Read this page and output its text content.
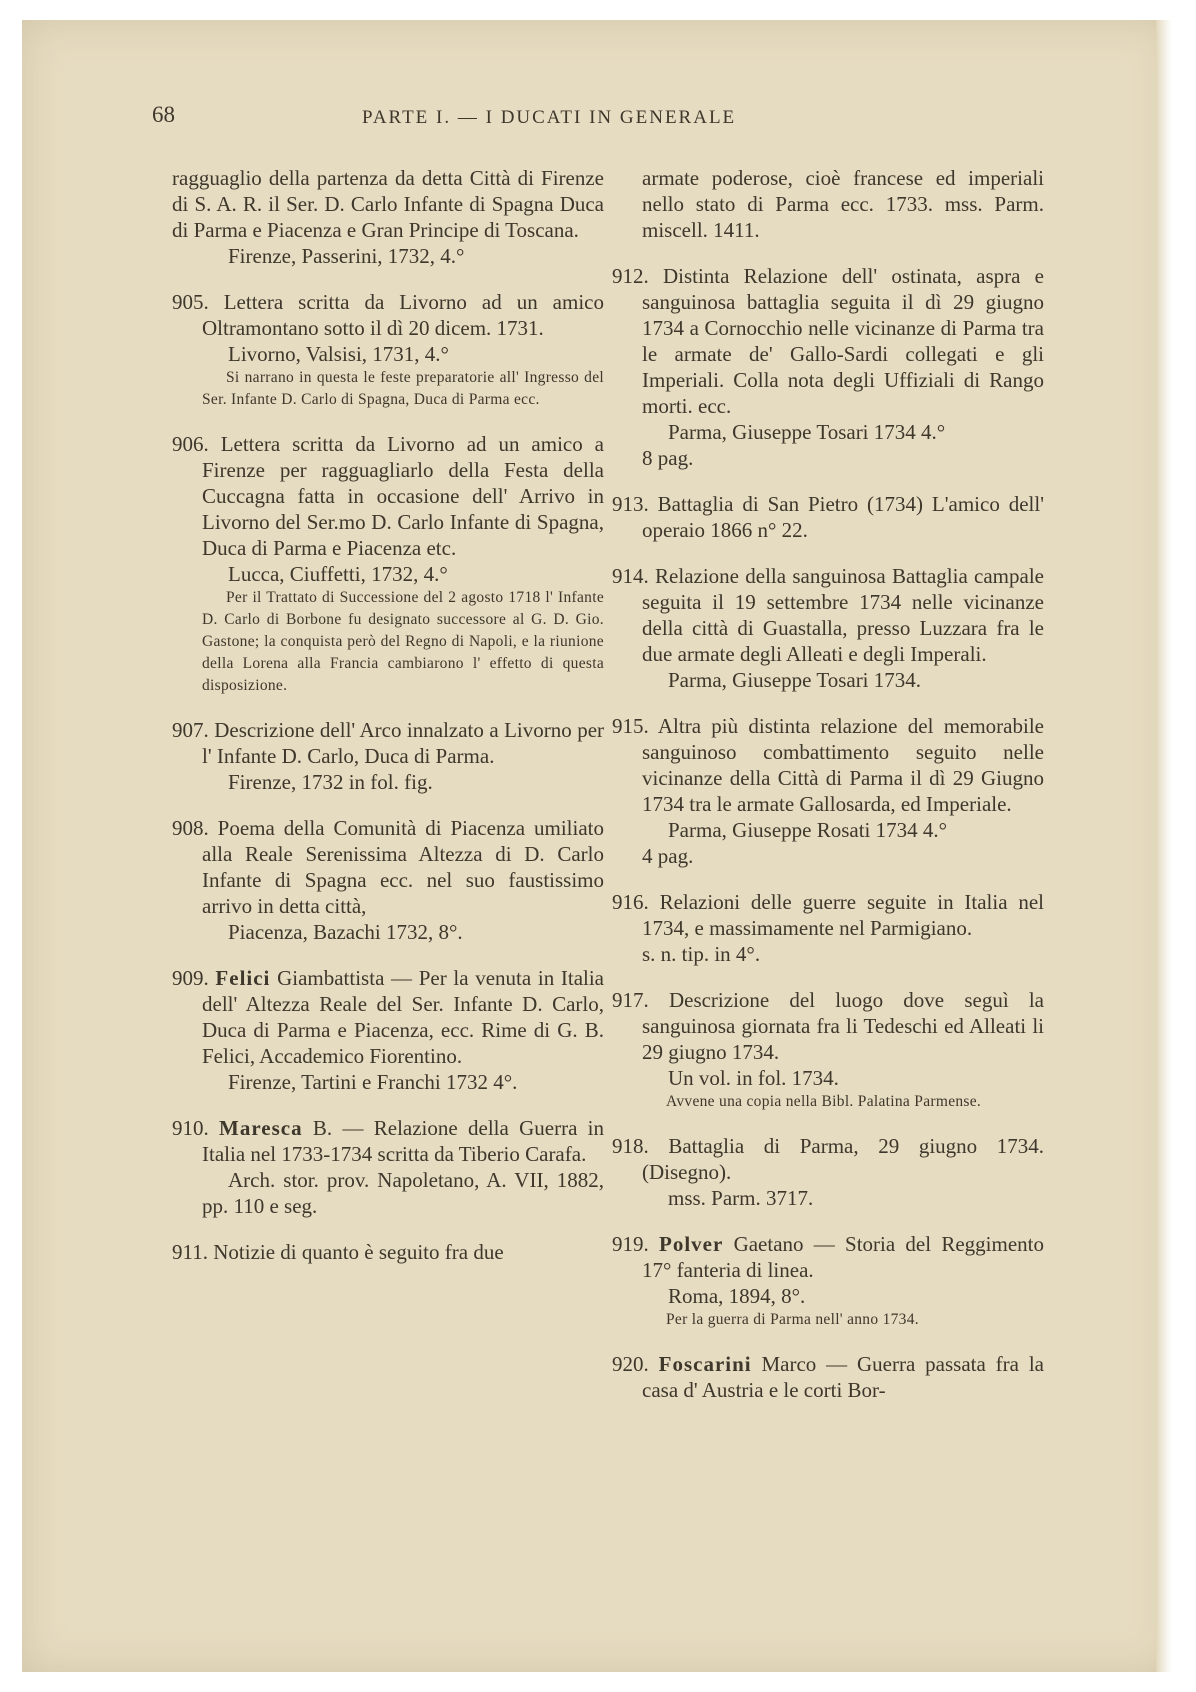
68	PARTE I. — I DUCATI IN GENERALE

ragguaglio della partenza da detta Città di Firenze di S. A. R. il Ser. D. Carlo Infante di Spagna Duca di Parma e Piacenza e Gran Principe di Toscana.

Firenze, Passerini, 1732, 4.°

905. Lettera scritta da Livorno ad un amico Oltramontano sotto il dì 20 dicem. 1731.

Livorno, Valsisi, 1731, 4.°

Si narrano in questa le feste preparatorie all' Ingresso del Ser. Infante D. Carlo di Spagna, Duca di Parma ecc.

906. Lettera scritta da Livorno ad un amico a Firenze per ragguagliarlo della Festa della Cuccagna fatta in occasione dell' Arrivo in Livorno del Ser.mo D. Carlo Infante di Spagna, Duca di Parma e Piacenza etc.

Lucca, Ciuffetti, 1732, 4.°

Per il Trattato di Successione del 2 agosto 1718 l' Infante D. Carlo di Borbone fu designato successore al G. D. Gio. Gastone; la conquista però del Regno di Napoli, e la riunione della Lorena alla Francia cambiarono l' effetto di questa disposizione.

907. Descrizione dell' Arco innalzato a Livorno per l' Infante D. Carlo, Duca di Parma.

Firenze, 1732 in fol. fig.

908. Poema della Comunità di Piacenza umiliato alla Reale Serenissima Altezza di D. Carlo Infante di Spagna ecc. nel suo faustissimo arrivo in detta città,

Piacenza, Bazachi 1732, 8°.

909. Felici Giambattista — Per la venuta in Italia dell' Altezza Reale del Ser. Infante D. Carlo, Duca di Parma e Piacenza, ecc. Rime di G. B. Felici, Accademico Fiorentino.

Firenze, Tartini e Franchi 1732 4°.

910. Maresca B. — Relazione della Guerra in Italia nel 1733-1734 scritta da Tiberio Carafa.

Arch. stor. prov. Napoletano, A. VII, 1882, pp. 110 e seg.

911. Notizie di quanto è seguito fra due

armate poderose, cioè francese ed imperiali nello stato di Parma ecc. 1733. mss. Parm. miscell. 1411.

912. Distinta Relazione dell' ostinata, aspra e sanguinosa battaglia seguita il dì 29 giugno 1734 a Cornocchio nelle vicinanze di Parma tra le armate de' Gallo-Sardi collegati e gli Imperiali. Colla nota degli Uffiziali di Rango morti. ecc.

Parma, Giuseppe Tosari 1734 4.°

8 pag.

913. Battaglia di San Pietro (1734) L'amico dell' operaio 1866 n° 22.

914. Relazione della sanguinosa Battaglia campale seguita il 19 settembre 1734 nelle vicinanze della città di Guastalla, presso Luzzara fra le due armate degli Alleati e degli Imperali.

Parma, Giuseppe Tosari 1734.

915. Altra più distinta relazione del memorabile sanguinoso combattimento seguito nelle vicinanze della Città di Parma il dì 29 Giugno 1734 tra le armate Gallosarda, ed Imperiale.

Parma, Giuseppe Rosati 1734 4.°

4 pag.

916. Relazioni delle guerre seguite in Italia nel 1734, e massimamente nel Parmigiano.

s. n. tip. in 4°.

917. Descrizione del luogo dove seguì la sanguinosa giornata fra li Tedeschi ed Alleati li 29 giugno 1734.

Un vol. in fol. 1734.

Avvene una copia nella Bibl. Palatina Parmense.

918. Battaglia di Parma, 29 giugno 1734. (Disegno).

mss. Parm. 3717.

919. Polver Gaetano — Storia del Reggimento 17° fanteria di linea.

Roma, 1894, 8°.

Per la guerra di Parma nell' anno 1734.

920. Foscarini Marco — Guerra passata fra la casa d' Austria e le corti Bor-
